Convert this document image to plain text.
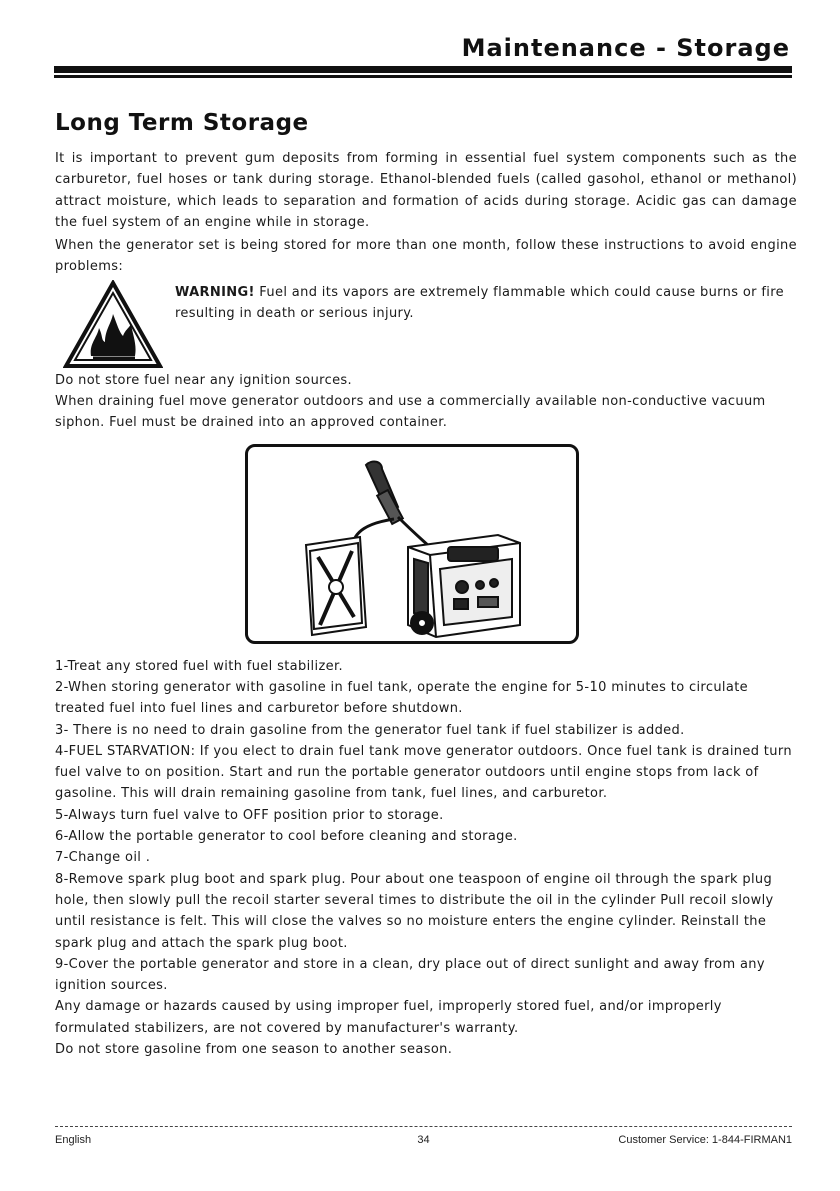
Maintenance - Storage
Long Term Storage

It is important to prevent gum deposits from forming in essential fuel system components such as the carburetor, fuel hoses or tank during storage. Ethanol-blended fuels (called gasohol, ethanol or methanol) attract moisture, which leads to separation and formation of acids during storage. Acidic gas can damage the fuel system of an engine while in storage.

When the generator set is being stored for more than one month, follow these instructions to avoid engine problems:

WARNING! Fuel and its vapors are extremely flammable which could cause burns or fire resulting in death or serious injury.

Do not store fuel near any ignition sources.

When draining fuel move generator outdoors and use a commercially available non-conductive vacuum siphon. Fuel must be drained into an approved container.

1-Treat any stored fuel with fuel stabilizer.

2-When storing generator with gasoline in fuel tank, operate the engine for 5-10 minutes to circulate treated fuel into fuel lines and carburetor before shutdown.

3- There is no need to drain gasoline from the generator fuel tank if fuel stabilizer is added.

4-FUEL STARVATION: If you elect to drain fuel tank move generator outdoors. Once fuel tank is drained turn fuel valve to on position. Start and run the portable generator outdoors until engine stops from lack of gasoline. This will drain remaining gasoline from tank, fuel lines, and carburetor.

5-Always turn fuel valve to OFF position prior to storage.

6-Allow the portable generator to cool before cleaning and storage.

7-Change oil .

8-Remove spark plug boot and spark plug. Pour about one teaspoon of engine oil through the spark plug hole, then slowly pull the recoil starter several times to distribute the oil in the cylinder Pull recoil slowly until resistance is felt. This will close the valves so no moisture enters the engine cylinder. Reinstall the spark plug and attach the spark plug boot.

9-Cover the portable generator and store in a clean, dry place out of direct sunlight and away from any ignition sources.

Any damage or hazards caused by using improper fuel, improperly stored fuel, and/or improperly formulated stabilizers, are not covered by manufacturer's warranty.

Do not store gasoline from one season to another season.

English	34	Customer Service: 1-844-FIRMAN1
